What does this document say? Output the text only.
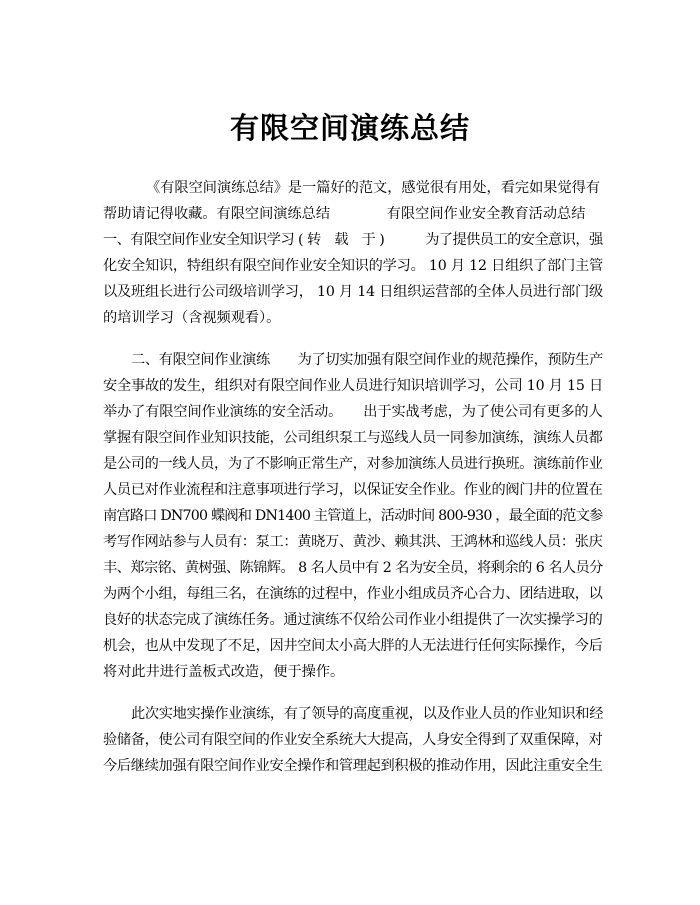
有限空间演练总结
《有限空间演练总结》是一篇好的范文，感觉很有用处，看完如果觉得有
帮助请记得收藏。有限空间演练总结　　　　有限空间作业安全教育活动总结
一、有限空间作业安全知识学习 ( 转　载　于 )　　　为了提供员工的安全意识，强
化安全知识，特组织有限空间作业安全知识的学习。 10 月 12 日组织了部门主管
以及班组长进行公司级培训学习， 10 月 14 日组织运营部的全体人员进行部门级
的培训学习（含视频观看）。
二、有限空间作业演练　　为了切实加强有限空间作业的规范操作，预防生产
安全事故的发生，组织对有限空间作业人员进行知识培训学习，公司 10 月 15 日
举办了有限空间作业演练的安全活动。　　出于实战考虑，为了使公司有更多的人
掌握有限空间作业知识技能，公司组织泵工与巡线人员一同参加演练，演练人员都
是公司的一线人员，为了不影响正常生产，对参加演练人员进行换班。演练前作业
人员已对作业流程和注意事项进行学习，以保证安全作业。作业的阀门井的位置在
南宫路口 DN700 蝶阀和 DN1400 主管道上，活动时间 800-930 ，最全面的范文参
考写作网站参与人员有：泵工：黄晓万、黄沙、赖其洪、王鸿林和巡线人员：张庆
丰、郑宗铭、黄树强、陈锦辉。 8 名人员中有 2 名为安全员，将剩余的 6 名人员分
为两个小组，每组三名，在演练的过程中，作业小组成员齐心合力、团结进取，以
良好的状态完成了演练任务。通过演练不仅给公司作业小组提供了一次实操学习的
机会，也从中发现了不足，因井空间太小高大胖的人无法进行任何实际操作，今后
将对此井进行盖板式改造，便于操作。
此次实地实操作业演练，有了领导的高度重视，以及作业人员的作业知识和经
验储备，使公司有限空间的作业安全系统大大提高，人身安全得到了双重保障，对
今后继续加强有限空间作业安全操作和管理起到积极的推动作用，因此注重安全生
